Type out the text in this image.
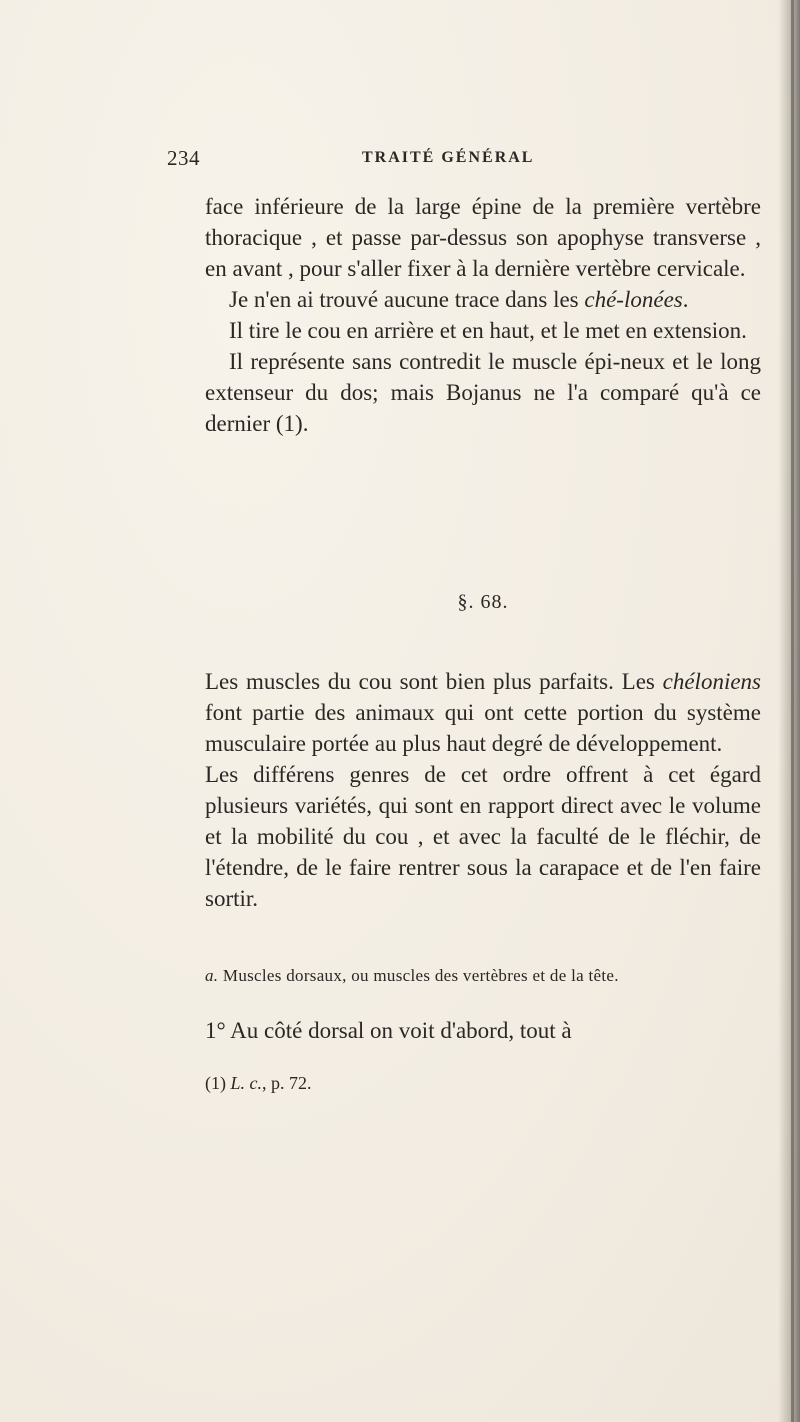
234	TRAITÉ GÉNÉRAL

face inférieure de la large épine de la première vertèbre thoracique , et passe par-dessus son apophyse transverse , en avant , pour s'aller fixer à la dernière vertèbre cervicale.

Je n'en ai trouvé aucune trace dans les ché-lonées.

Il tire le cou en arrière et en haut, et le met en extension.

Il représente sans contredit le muscle épi-neux et le long extenseur du dos; mais Bojanus ne l'a comparé qu'à ce dernier (1).

§. 68.

Les muscles du cou sont bien plus parfaits. Les chéloniens font partie des animaux qui ont cette portion du système musculaire portée au plus haut degré de développement.

Les différens genres de cet ordre offrent à cet égard plusieurs variétés, qui sont en rapport direct avec le volume et la mobilité du cou , et avec la faculté de le fléchir, de l'étendre, de le faire rentrer sous la carapace et de l'en faire sortir.

a. Muscles dorsaux, ou muscles des vertèbres et de la tête.
1° Au côté dorsal on voit d'abord, tout à
(1) L. c., p. 72.
